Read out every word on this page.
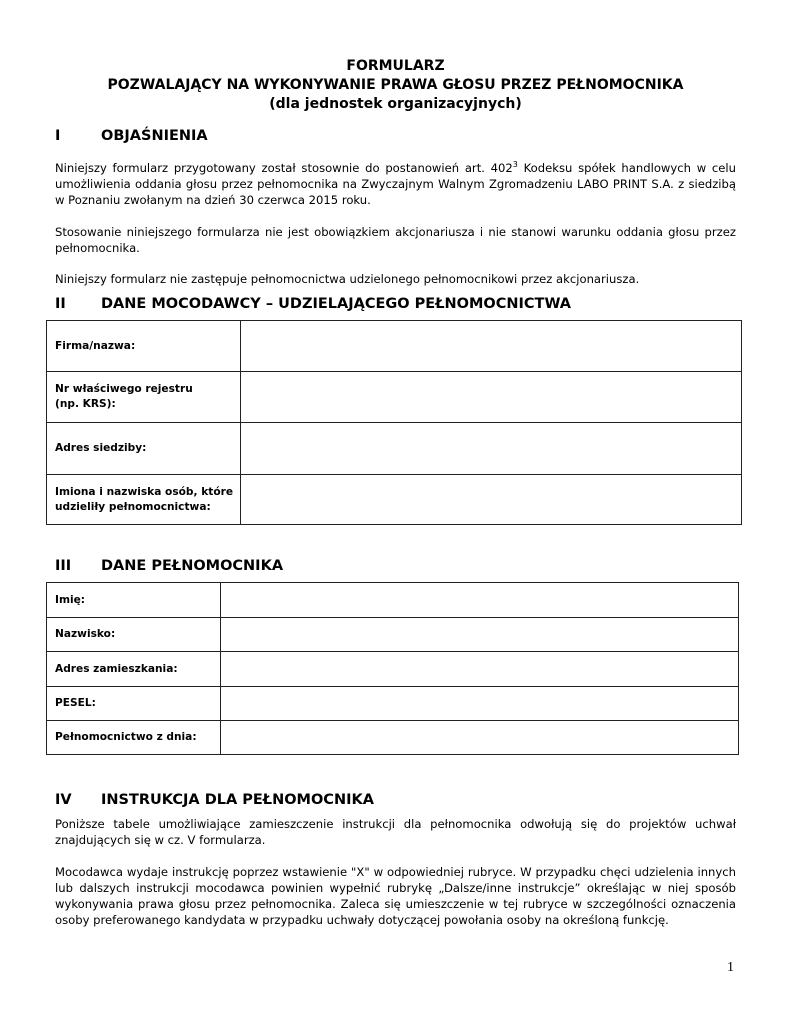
FORMULARZ
POZWALAJĄCY NA WYKONYWANIE PRAWA GŁOSU PRZEZ PEŁNOMOCNIKA
(dla jednostek organizacyjnych)
I	OBJAŚNIENIA
Niniejszy formularz przygotowany został stosownie do postanowień art. $402^3$ Kodeksu spółek handlowych w celu umożliwienia oddania głosu przez pełnomocnika na Zwyczajnym Walnym Zgromadzeniu LABO PRINT S.A. z siedzibą w Poznaniu zwołanym na dzień 30 czerwca 2015 roku.
Stosowanie niniejszego formularza nie jest obowiązkiem akcjonariusza i nie stanowi warunku oddania głosu przez pełnomocnika.
Niniejszy formularz nie zastępuje pełnomocnictwa udzielonego pełnomocnikowi przez akcjonariusza.
II DANE MOCODAWCY – UDZIELAJĄCEGO PEŁNOMOCNICTWA
Firma/nazwa:	
Nr właściwego rejestru
(np. KRS):	
Adres siedziby:	
Imiona i nazwiska osób, które
udzieliły pełnomocnictwa:	
III DANE PEŁNOMOCNIKA
Imię:	
Nazwisko:	
Adres zamieszkania:	
PESEL:	
Pełnomocnictwo z dnia:	
IV INSTRUKCJA DLA PEŁNOMOCNIKA
Poniższe tabele umożliwiające zamieszczenie instrukcji dla pełnomocnika odwołują się do projektów uchwał znajdujących się w cz. V formularza.
Mocodawca wydaje instrukcję poprzez wstawienie "X" w odpowiedniej rubryce. W przypadku chęci udzielenia innych lub dalszych instrukcji mocodawca powinien wypełnić rubrykę „Dalsze/inne instrukcje” określając w niej sposób wykonywania prawa głosu przez pełnomocnika. Zaleca się umieszczenie w tej rubryce w szczególności oznaczenia osoby preferowanego kandydata w przypadku uchwały dotyczącej powołania osoby na określoną funkcję.
1
